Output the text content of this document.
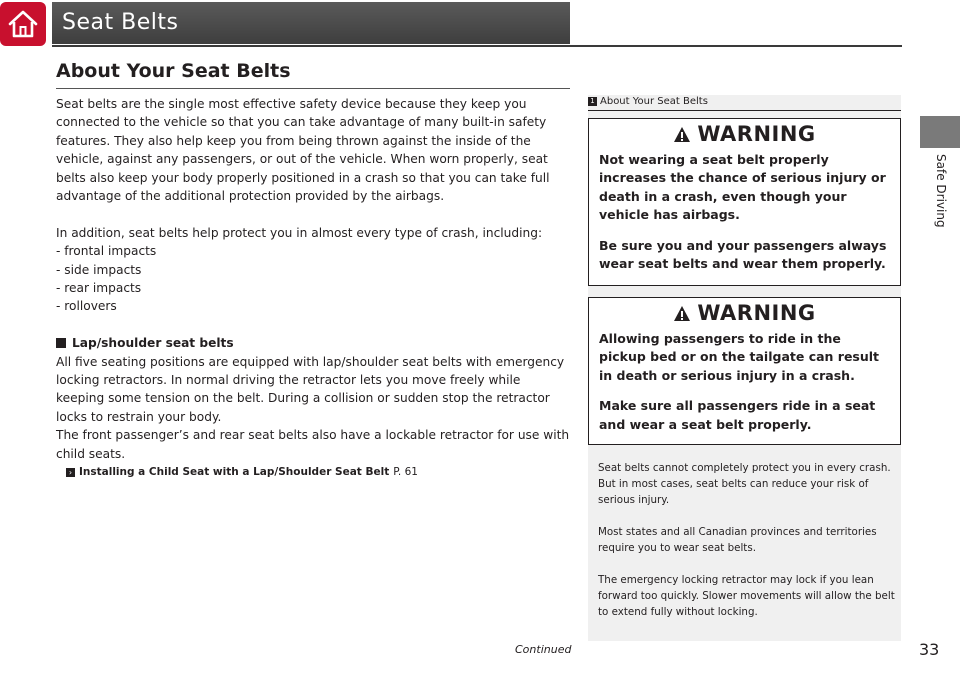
Seat Belts
Safe Driving
About Your Seat Belts

Seat belts are the single most effective safety device because they keep you connected to the vehicle so that you can take advantage of many built-in safety features. They also help keep you from being thrown against the inside of the vehicle, against any passengers, or out of the vehicle. When worn properly, seat belts also keep your body properly positioned in a crash so that you can take full advantage of the additional protection provided by the airbags.

In addition, seat belts help protect you in almost every type of crash, including:
- frontal impacts
- side impacts
- rear impacts
- rollovers
Lap/shoulder seat belts
All five seating positions are equipped with lap/shoulder seat belts with emergency locking retractors. In normal driving the retractor lets you move freely while keeping some tension on the belt. During a collision or sudden stop the retractor locks to restrain your body.
The front passenger’s and rear seat belts also have a lockable retractor for use with child seats.
› Installing a Child Seat with a Lap/Shoulder Seat Belt P. 61
1 About Your Seat Belts
WARNING

Not wearing a seat belt properly increases the chance of serious injury or death in a crash, even though your vehicle has airbags.

Be sure you and your passengers always wear seat belts and wear them properly.

WARNING

Allowing passengers to ride in the pickup bed or on the tailgate can result in death or serious injury in a crash.

Make sure all passengers ride in a seat and wear a seat belt properly.

Seat belts cannot completely protect you in every crash. But in most cases, seat belts can reduce your risk of serious injury.

Most states and all Canadian provinces and territories require you to wear seat belts.

The emergency locking retractor may lock if you lean forward too quickly. Slower movements will allow the belt to extend fully without locking.

Continued	33
